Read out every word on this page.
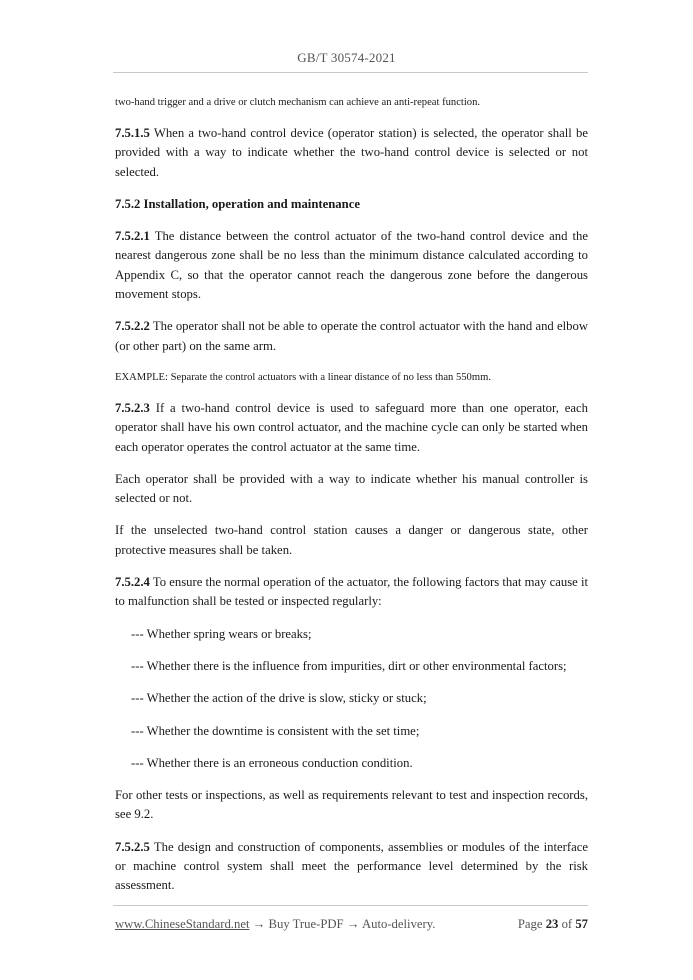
GB/T 30574-2021

two-hand trigger and a drive or clutch mechanism can achieve an anti-repeat function.

7.5.1.5 When a two-hand control device (operator station) is selected, the operator shall be provided with a way to indicate whether the two-hand control device is selected or not selected.

7.5.2 Installation, operation and maintenance

7.5.2.1 The distance between the control actuator of the two-hand control device and the nearest dangerous zone shall be no less than the minimum distance calculated according to Appendix C, so that the operator cannot reach the dangerous zone before the dangerous movement stops.

7.5.2.2 The operator shall not be able to operate the control actuator with the hand and elbow (or other part) on the same arm.

EXAMPLE: Separate the control actuators with a linear distance of no less than 550mm.

7.5.2.3 If a two-hand control device is used to safeguard more than one operator, each operator shall have his own control actuator, and the machine cycle can only be started when each operator operates the control actuator at the same time.

Each operator shall be provided with a way to indicate whether his manual controller is selected or not.

If the unselected two-hand control station causes a danger or dangerous state, other protective measures shall be taken.

7.5.2.4 To ensure the normal operation of the actuator, the following factors that may cause it to malfunction shall be tested or inspected regularly:

--- Whether spring wears or breaks;

--- Whether there is the influence from impurities, dirt or other environmental factors;

--- Whether the action of the drive is slow, sticky or stuck;

--- Whether the downtime is consistent with the set time;

--- Whether there is an erroneous conduction condition.

For other tests or inspections, as well as requirements relevant to test and inspection records, see 9.2.

7.5.2.5 The design and construction of components, assemblies or modules of the interface or machine control system shall meet the performance level determined by the risk assessment.

www.ChineseStandard.net → Buy True-PDF → Auto-delivery.	Page 23 of 57
